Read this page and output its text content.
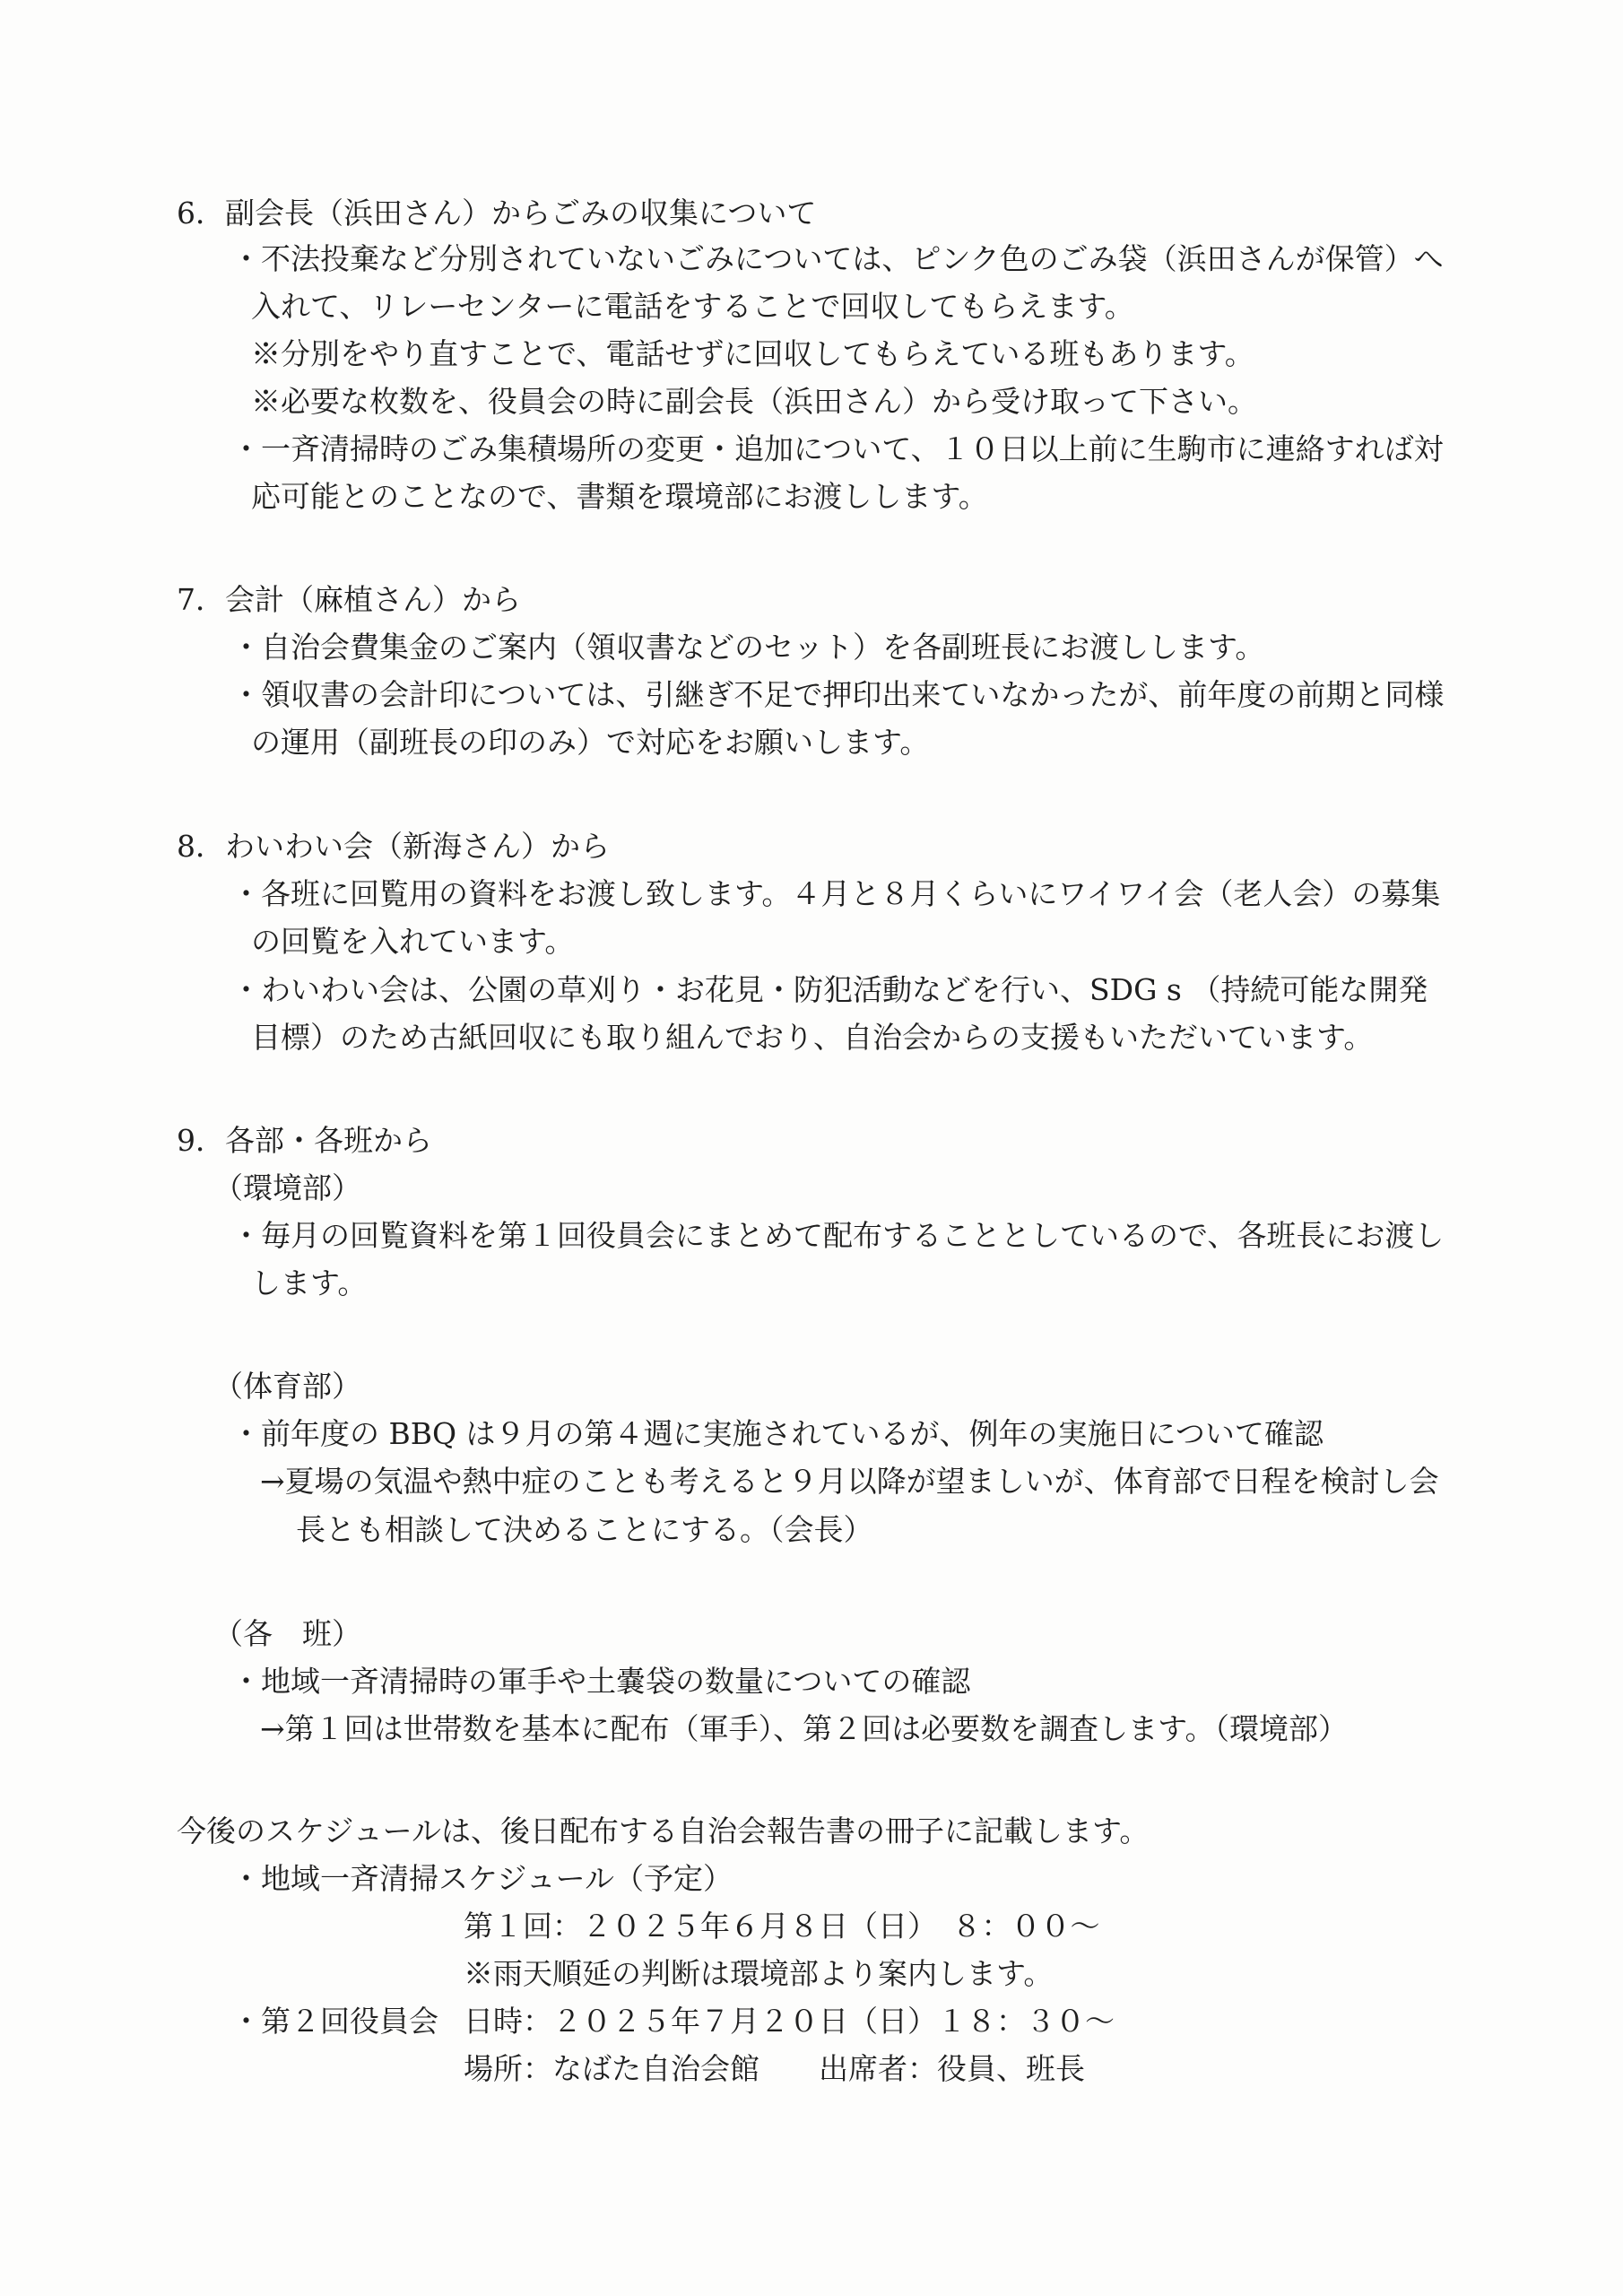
6．副会長（浜田さん）からごみの収集について

・不法投棄など分別されていないごみについては、ピンク色のごみ袋（浜田さんが保管）へ

入れて、リレーセンターに電話をすることで回収してもらえます。

※分別をやり直すことで、電話せずに回収してもらえている班もあります。

※必要な枚数を、役員会の時に副会長（浜田さん）から受け取って下さい。

・一斉清掃時のごみ集積場所の変更・追加について、１０日以上前に生駒市に連絡すれば対

応可能とのことなので、書類を環境部にお渡しします。

7．会計（麻植さん）から

・自治会費集金のご案内（領収書などのセット）を各副班長にお渡しします。

・領収書の会計印については、引継ぎ不足で押印出来ていなかったが、前年度の前期と同様

の運用（副班長の印のみ）で対応をお願いします。

8．わいわい会（新海さん）から

・各班に回覧用の資料をお渡し致します。４月と８月くらいにワイワイ会（老人会）の募集

の回覧を入れています。

・わいわい会は、公園の草刈り・お花見・防犯活動などを行い、SDG s （持続可能な開発

目標）のため古紙回収にも取り組んでおり、自治会からの支援もいただいています。

9．各部・各班から

（環境部）

・毎月の回覧資料を第１回役員会にまとめて配布することとしているので、各班長にお渡し

します。

（体育部）

・前年度の BBQ は９月の第４週に実施されているが、例年の実施日について確認

→夏場の気温や熱中症のことも考えると９月以降が望ましいが、体育部で日程を検討し会

長とも相談して決めることにする。（会長）

（各　班）

・地域一斉清掃時の軍手や土嚢袋の数量についての確認

→第１回は世帯数を基本に配布（軍手）、第２回は必要数を調査します。（環境部）

今後のスケジュールは、後日配布する自治会報告書の冊子に記載します。

・地域一斉清掃スケジュール（予定）

第１回：２０２５年６月８日（日）　８：００～

※雨天順延の判断は環境部より案内します。

・第２回役員会 日時：２０２５年７月２０日（日）１８：３０～

場所：なばた自治会館　　出席者：役員、班長
